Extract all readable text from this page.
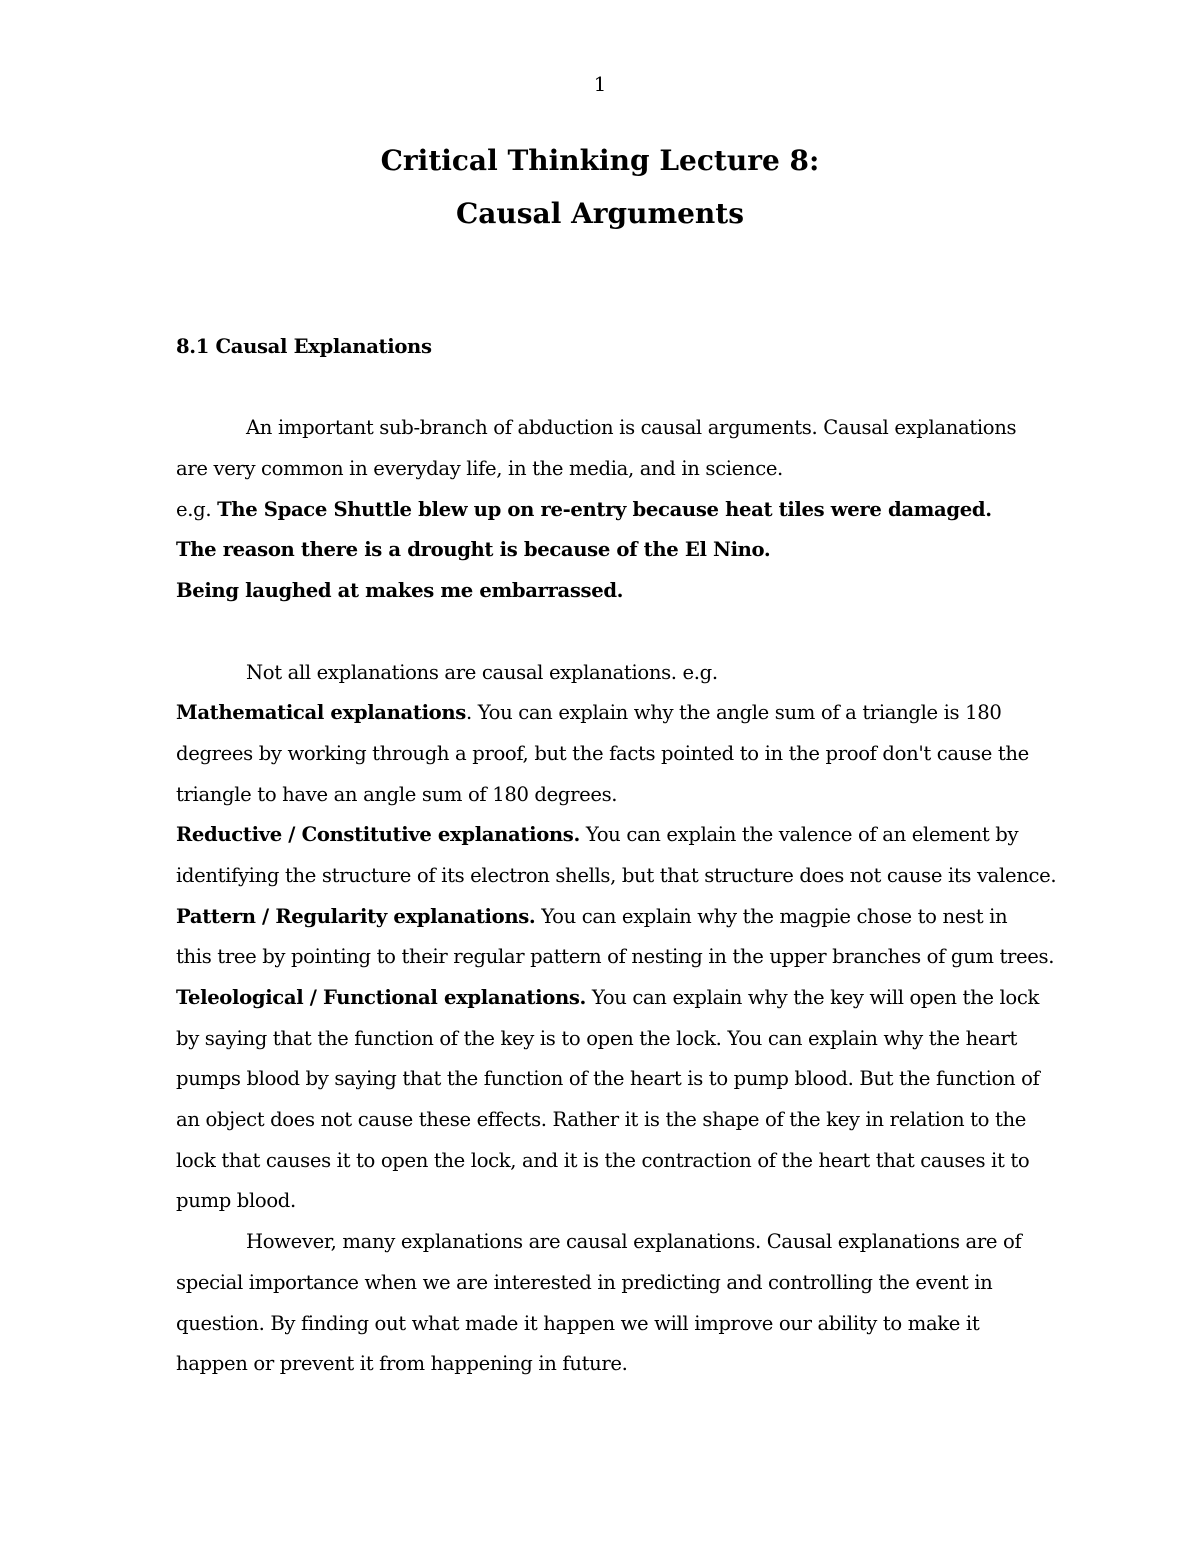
1
Critical Thinking Lecture 8:
Causal Arguments
8.1 Causal Explanations
An important sub-branch of abduction is causal arguments. Causal explanations
are very common in everyday life, in the media, and in science.
e.g. The Space Shuttle blew up on re-entry because heat tiles were damaged.
The reason there is a drought is because of the El Nino.
Being laughed at makes me embarrassed.
Not all explanations are causal explanations. e.g.
Mathematical explanations. You can explain why the angle sum of a triangle is 180
degrees by working through a proof, but the facts pointed to in the proof don't cause the
triangle to have an angle sum of 180 degrees.
Reductive / Constitutive explanations. You can explain the valence of an element by
identifying the structure of its electron shells, but that structure does not cause its valence.
Pattern / Regularity explanations. You can explain why the magpie chose to nest in
this tree by pointing to their regular pattern of nesting in the upper branches of gum trees.
Teleological / Functional explanations. You can explain why the key will open the lock
by saying that the function of the key is to open the lock. You can explain why the heart
pumps blood by saying that the function of the heart is to pump blood. But the function of
an object does not cause these effects. Rather it is the shape of the key in relation to the
lock that causes it to open the lock, and it is the contraction of the heart that causes it to
pump blood.
However, many explanations are causal explanations. Causal explanations are of
special importance when we are interested in predicting and controlling the event in
question. By finding out what made it happen we will improve our ability to make it
happen or prevent it from happening in future.
